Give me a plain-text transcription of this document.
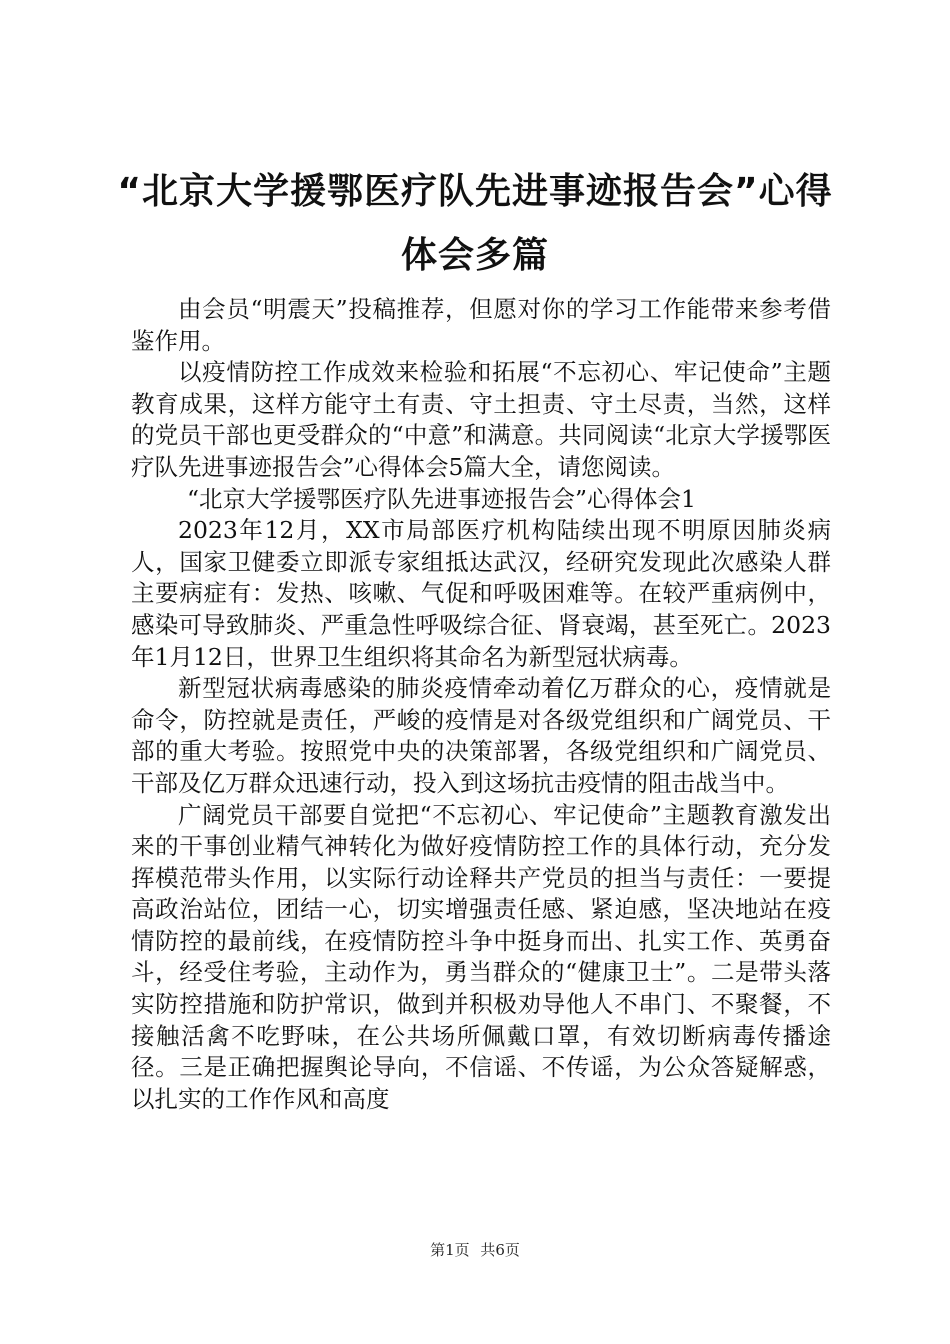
“北京大学援鄂医疗队先进事迹报告会”心得
体会多篇

由会员“明震天”投稿推荐，但愿对你的学习工作能带来参考借鉴作用。

以疫情防控工作成效来检验和拓展“不忘初心、牢记使命”主题教育成果，这样方能守土有责、守土担责、守土尽责，当然，这样的党员干部也更受群众的“中意”和满意。共同阅读“北京大学援鄂医疗队先进事迹报告会”心得体会5篇大全，请您阅读。

“北京大学援鄂医疗队先进事迹报告会”心得体会1

2023年12月，XX市局部医疗机构陆续出现不明原因肺炎病人，国家卫健委立即派专家组抵达武汉，经研究发现此次感染人群主要病症有：发热、咳嗽、气促和呼吸困难等。在较严重病例中，感染可导致肺炎、严重急性呼吸综合征、肾衰竭，甚至死亡。2023年1月12日，世界卫生组织将其命名为新型冠状病毒。

新型冠状病毒感染的肺炎疫情牵动着亿万群众的心，疫情就是命令，防控就是责任，严峻的疫情是对各级党组织和广阔党员、干部的重大考验。按照党中央的决策部署，各级党组织和广阔党员、干部及亿万群众迅速行动，投入到这场抗击疫情的阻击战当中。

广阔党员干部要自觉把“不忘初心、牢记使命”主题教育激发出来的干事创业精气神转化为做好疫情防控工作的具体行动，充分发挥模范带头作用，以实际行动诠释共产党员的担当与责任：一要提高政治站位，团结一心，切实增强责任感、紧迫感，坚决地站在疫情防控的最前线，在疫情防控斗争中挺身而出、扎实工作、英勇奋斗，经受住考验，主动作为，勇当群众的“健康卫士”。二是带头落实防控措施和防护常识，做到并积极劝导他人不串门、不聚餐，不接触活禽不吃野味，在公共场所佩戴口罩，有效切断病毒传播途径。三是正确把握舆论导向，不信谣、不传谣，为公众答疑解惑，以扎实的工作作风和高度

第1页 共6页
